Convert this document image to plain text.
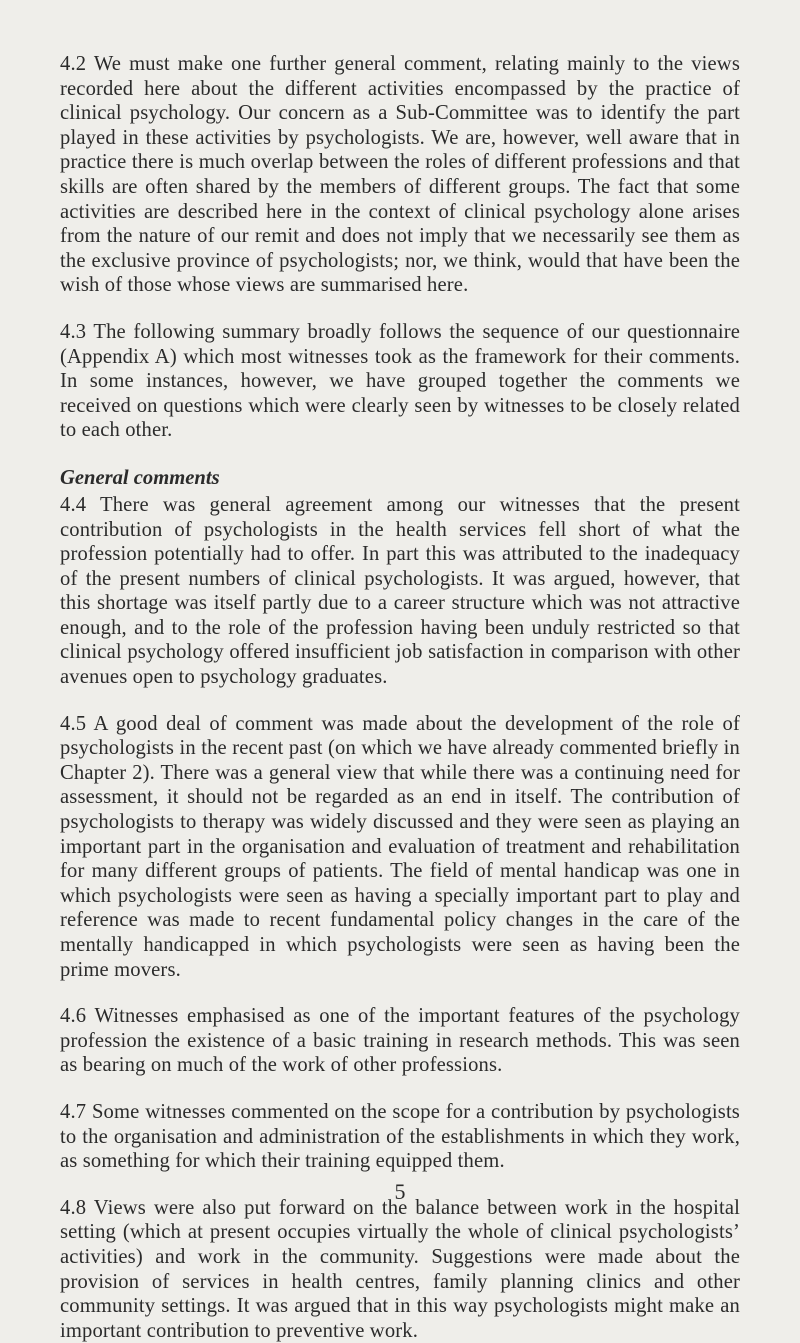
4.2 We must make one further general comment, relating mainly to the views recorded here about the different activities encompassed by the practice of clinical psychology. Our concern as a Sub-Committee was to identify the part played in these activities by psychologists. We are, however, well aware that in practice there is much overlap between the roles of different professions and that skills are often shared by the members of different groups. The fact that some activities are described here in the context of clinical psychology alone arises from the nature of our remit and does not imply that we necessarily see them as the exclusive province of psychologists; nor, we think, would that have been the wish of those whose views are summarised here.

4.3 The following summary broadly follows the sequence of our questionnaire (Appendix A) which most witnesses took as the framework for their comments. In some instances, however, we have grouped together the comments we received on questions which were clearly seen by witnesses to be closely related to each other.

General comments

4.4 There was general agreement among our witnesses that the present contribution of psychologists in the health services fell short of what the profession potentially had to offer. In part this was attributed to the inadequacy of the present numbers of clinical psychologists. It was argued, however, that this shortage was itself partly due to a career structure which was not attractive enough, and to the role of the profession having been unduly restricted so that clinical psychology offered insufficient job satisfaction in comparison with other avenues open to psychology graduates.

4.5 A good deal of comment was made about the development of the role of psychologists in the recent past (on which we have already commented briefly in Chapter 2). There was a general view that while there was a continuing need for assessment, it should not be regarded as an end in itself. The contribution of psychologists to therapy was widely discussed and they were seen as playing an important part in the organisation and evaluation of treatment and rehabilitation for many different groups of patients. The field of mental handicap was one in which psychologists were seen as having a specially important part to play and reference was made to recent fundamental policy changes in the care of the mentally handicapped in which psychologists were seen as having been the prime movers.

4.6 Witnesses emphasised as one of the important features of the psychology profession the existence of a basic training in research methods. This was seen as bearing on much of the work of other professions.

4.7 Some witnesses commented on the scope for a contribution by psychologists to the organisation and administration of the establishments in which they work, as something for which their training equipped them.

4.8 Views were also put forward on the balance between work in the hospital setting (which at present occupies virtually the whole of clinical psychologists’ activities) and work in the community. Suggestions were made about the provision of services in health centres, family planning clinics and other community settings. It was argued that in this way psychologists might make an important contribution to preventive work.

5
